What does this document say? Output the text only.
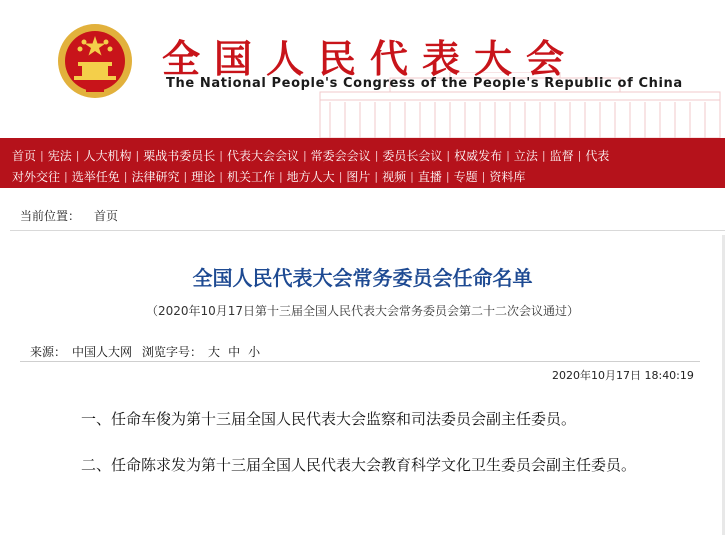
全国人民代表大会
The National People's Congress of the People's Republic of China
首页 | 宪法 | 人大机构 | 栗战书委员长 | 代表大会会议 | 常委会会议 | 委员长会议 | 权威发布 | 立法 | 监督 | 代表
对外交往 | 选举任免 | 法律研究 | 理论 | 机关工作 | 地方人大 | 图片 | 视频 | 直播 | 专题 | 资料库
当前位置： 首页
全国人民代表大会常务委员会任命名单
（2020年10月17日第十三届全国人民代表大会常务委员会第二十二次会议通过）
来源： 中国人大网 浏览字号： 大 中 小
2020年10月17日 18:40:19
一、任命车俊为第十三届全国人民代表大会监察和司法委员会副主任委员。
二、任命陈求发为第十三届全国人民代表大会教育科学文化卫生委员会副主任委员。
